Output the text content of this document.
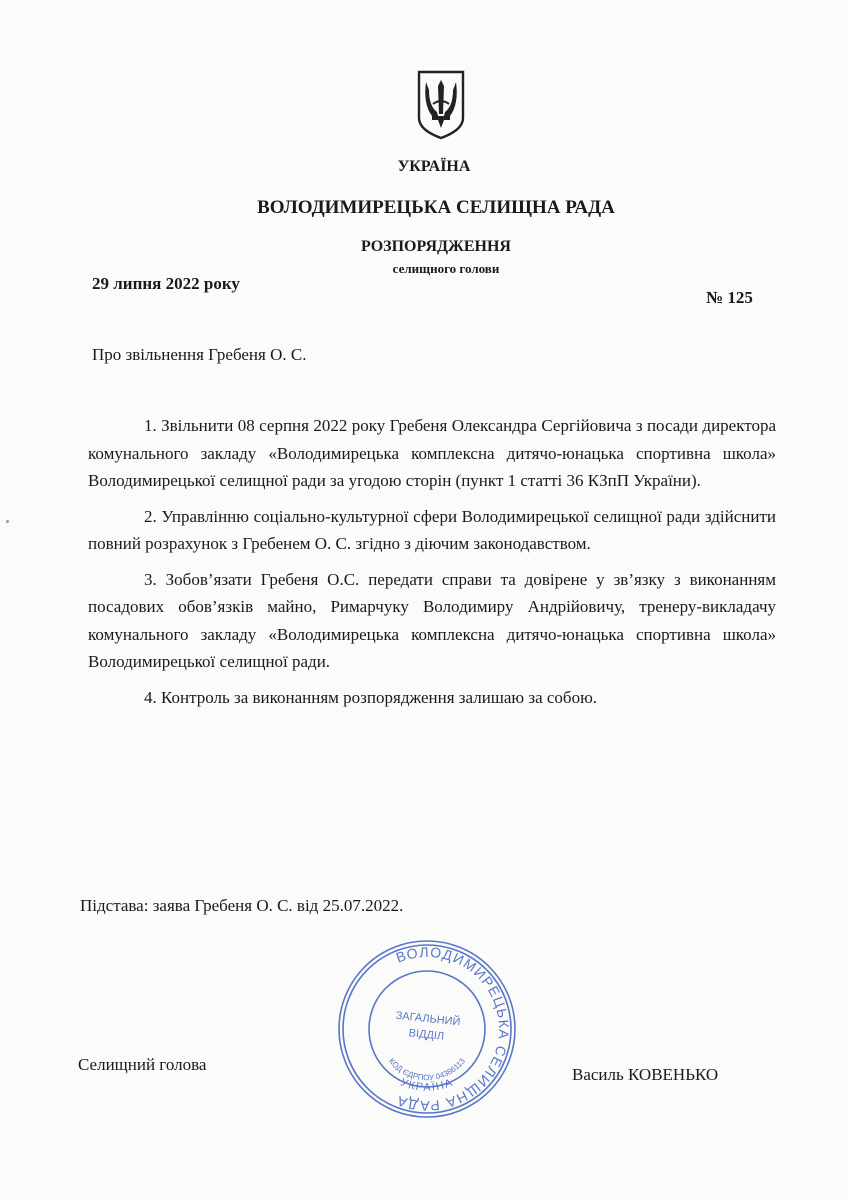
УКРАЇНА
ВОЛОДИМИРЕЦЬКА СЕЛИЩНА РАДА
РОЗПОРЯДЖЕННЯ
селищного голови
29 липня 2022 року
№ 125
Про звільнення Гребеня О. С.

1. Звільнити 08 серпня 2022 року Гребеня Олександра Сергійовича з посади директора комунального закладу «Володимирецька комплексна дитячо-юнацька спортивна школа» Володимирецької селищної ради за угодою сторін (пункт 1 статті 36 КЗпП України).

2. Управлінню соціально-культурної сфери Володимирецької селищної ради здійснити повний розрахунок з Гребенем О. С. згідно з діючим законодавством.

3. Зобов’язати Гребеня О.С. передати справи та довірене у зв’язку з виконанням посадових обов’язків майно, Римарчуку Володимиру Андрійовичу, тренеру-викладачу комунального закладу «Володимирецька комплексна дитячо-юнацька спортивна школа» Володимирецької селищної ради.

4. Контроль за виконанням розпорядження залишаю за собою.

Підстава: заява Гребеня О. С. від 25.07.2022.
Селищний голова
Василь КОВЕНЬКО
ВОЛОДИМИРЕЦЬКА СЕЛИЩНА РАДА
УКРАЇНА
КОД ЄДРПОУ 04386113
ЗАГАЛЬНИЙ
ВІДДІЛ
